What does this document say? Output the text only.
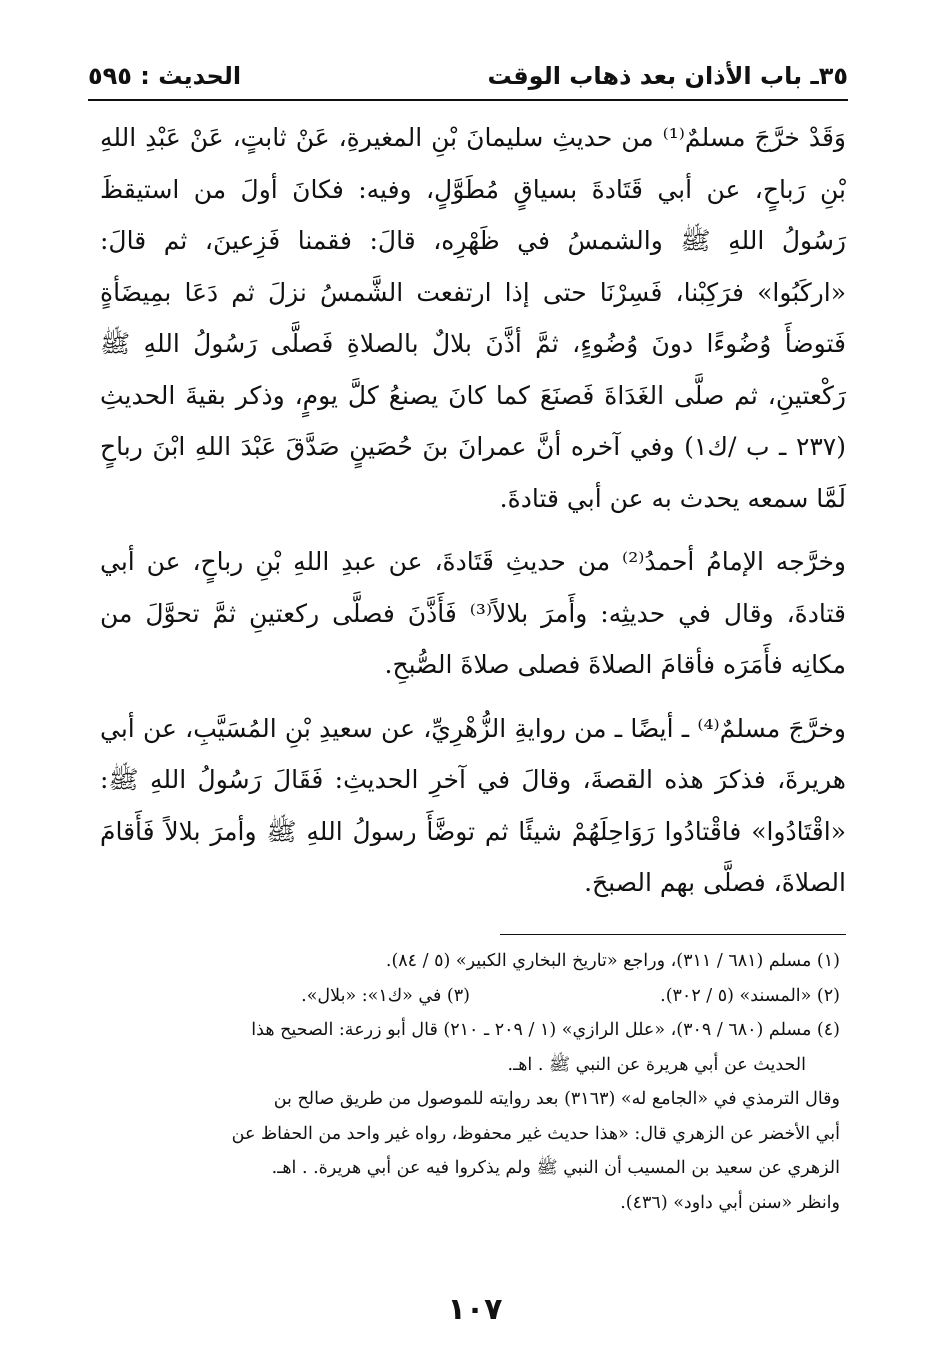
الحديث : ٥٩٥	٣٥ـ باب الأذان بعد ذهاب الوقت

وَقَدْ خرَّجَ مسلمٌ⁽¹⁾ من حديثِ سليمانَ بْنِ المغيرةِ، عَنْ ثابتٍ، عَنْ عَبْدِ اللهِ بْنِ رَباحٍ، عن أبي قَتَادةَ بسياقٍ مُطَوَّلٍ، وفيه: فكانَ أولَ من استيقظَ رَسُولُ اللهِ ﷺ والشمسُ في ظَهْرِه، قالَ: فقمنا فَزِعينَ، ثم قالَ: «اركَبُوا» فرَكِبْنا، فَسِرْنَا حتى إذا ارتفعت الشَّمسُ نزلَ ثم دَعَا بمِيضَأةٍ فَتوضأَ وُضُوءًا دونَ وُضُوءٍ، ثمَّ أذَّنَ بلالٌ بالصلاةِ فَصلَّى رَسُولُ اللهِ ﷺ رَكْعتينِ، ثم صلَّى الغَدَاةَ فَصنَعَ كما كانَ يصنعُ كلَّ يومٍ، وذكر بقيةَ الحديثِ (٢٣٧ ـ ب /ك١) وفي آخره أنَّ عمرانَ بنَ حُصَينٍ صَدَّقَ عَبْدَ اللهِ ابْنَ رباحٍ لَمَّا سمعه يحدث به عن أبي قتادةَ.

وخرَّجه الإمامُ أحمدُ⁽²⁾ من حديثِ قَتَادةَ، عن عبدِ اللهِ بْنِ رباحٍ، عن أبي قتادةَ، وقال في حديثِه: وأَمرَ بلالاً⁽³⁾ فَأَذَّنَ فصلَّى ركعتينِ ثمَّ تحوَّلَ من مكانِه فأَمَرَه فأقامَ الصلاةَ فصلى صلاةَ الصُّبحِ.

وخرَّجَ مسلمٌ⁽⁴⁾ ـ أيضًا ـ من روايةِ الزُّهْرِيِّ، عن سعيدِ بْنِ المُسَيَّبِ، عن أبي هريرةَ، فذكرَ هذه القصةَ، وقالَ في آخرِ الحديثِ: فَقَالَ رَسُولُ اللهِ ﷺ: «اقْتَادُوا» فاقْتادُوا رَوَاحِلَهُمْ شيئًا ثم توضَّأَ رسولُ اللهِ ﷺ وأمرَ بلالاً فَأَقامَ الصلاةَ، فصلَّى بهم الصبحَ.

(١) مسلم (٦٨١ / ٣١١)، وراجع «تاريخ البخاري الكبير» (٥ / ٨٤).
(٢) «المسند» (٥ / ٣٠٢).
(٣) في «ك١»: «بلال».
(٤) مسلم (٦٨٠ / ٣٠٩)، «علل الرازي» (١ / ٢٠٩ ـ ٢١٠) قال أبو زرعة: الصحيح هذا
الحديث عن أبي هريرة عن النبي ﷺ . اهـ.
وقال الترمذي في «الجامع له» (٣١٦٣) بعد روايته للموصول من طريق صالح بن
أبي الأخضر عن الزهري قال: «هذا حديث غير محفوظ، رواه غير واحد من الحفاظ عن
الزهري عن سعيد بن المسيب أن النبي ﷺ ولم يذكروا فيه عن أبي هريرة. . اهـ.
وانظر «سنن أبي داود» (٤٣٦).
١٠٧
